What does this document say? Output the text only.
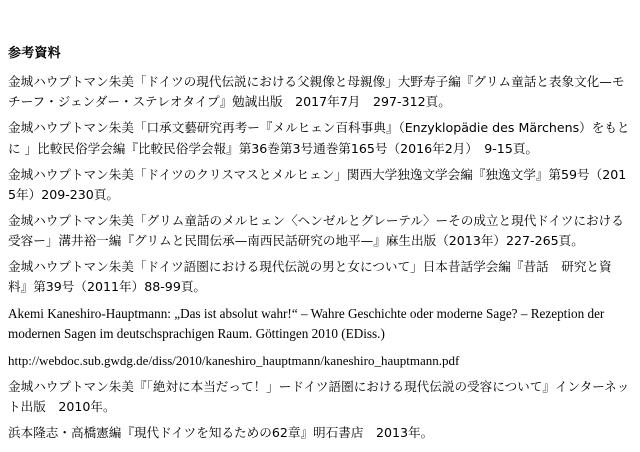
参考資料

金城ハウプトマン朱美「ドイツの現代伝説における父親像と母親像」大野寿子編『グリム童話と表象文化—モチーフ・ジェンダー・ステレオタイプ』勉誠出版　2017年7月　297-312頁。

金城ハウプトマン朱美「口承文藝研究再考ー『メルヒェン百科事典』（Enzyklopädie des Märchens）をもとに 」比較民俗学会編『比較民俗学会報』第36巻第3号通巻第165号（2016年2月）　9-15頁。

金城ハウプトマン朱美「ドイツのクリスマスとメルヒェン」関西大学独逸文学会編『独逸文学』第59号（2015年）209-230頁。

金城ハウプトマン朱美「グリム童話のメルヒェン〈ヘンゼルとグレーテル〉ーその成立と現代ドイツにおける受容ー」溝井裕一編『グリムと民間伝承—南西民話研究の地平—』麻生出版（2013年）227-265頁。

金城ハウプトマン朱美「ドイツ語圏における現代伝説の男と女について」日本昔話学会編『昔話　研究と資料』第39号（2011年）88-99頁。

Akemi Kaneshiro-Hauptmann: „Das ist absolut wahr!“ – Wahre Geschichte oder moderne Sage? – Rezeption der modernen Sagen im deutschsprachigen Raum. Göttingen 2010 (EDiss.)

http://webdoc.sub.gwdg.de/diss/2010/kaneshiro_hauptmann/kaneshiro_hauptmann.pdf

金城ハウプトマン朱美『「絶対に本当だって！」ードイツ語圏における現代伝説の受容について』インターネット出版　2010年。

浜本隆志・高橋憲編『現代ドイツを知るための62章』明石書店　2013年。
